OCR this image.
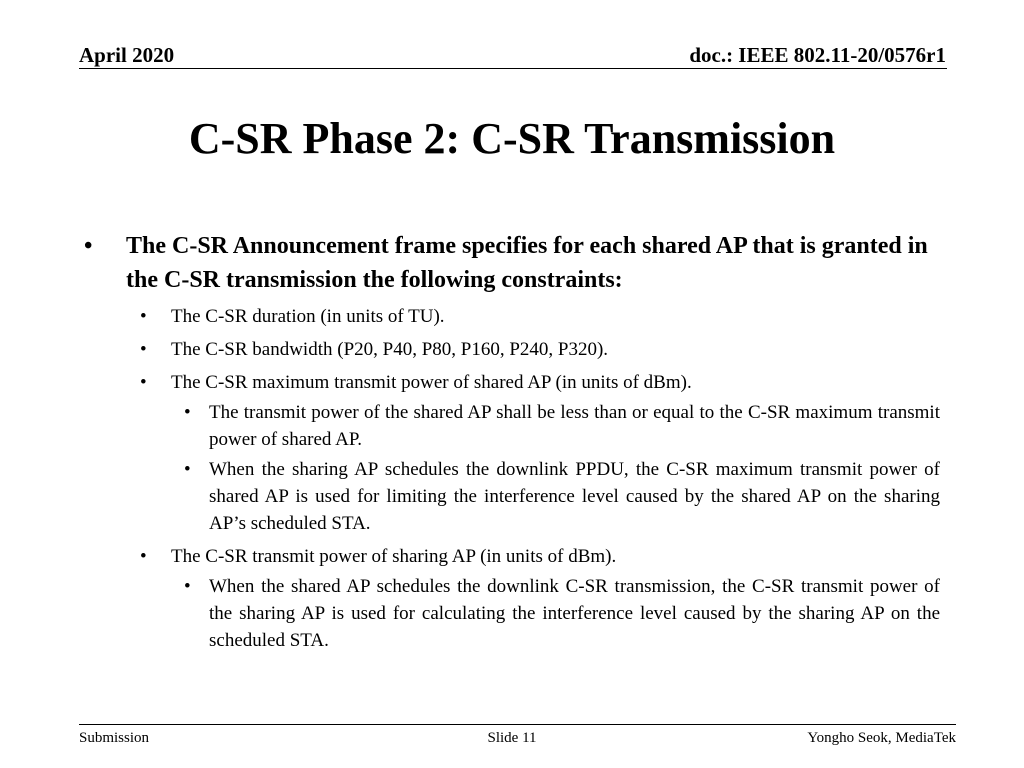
April 2020	doc.: IEEE 802.11-20/0576r1
C-SR Phase 2: C-SR Transmission
• The C-SR Announcement frame specifies for each shared AP that is granted in the C-SR transmission the following constraints:
• The C-SR duration (in units of TU).
• The C-SR bandwidth (P20, P40, P80, P160, P240, P320).
• The C-SR maximum transmit power of shared AP (in units of dBm).
• The transmit power of the shared AP shall be less than or equal to the C-SR maximum transmit power of shared AP.
• When the sharing AP schedules the downlink PPDU, the C-SR maximum transmit power of shared AP is used for limiting the interference level caused by the shared AP on the sharing AP’s scheduled STA.
• The C-SR transmit power of sharing AP (in units of dBm).
• When the shared AP schedules the downlink C-SR transmission, the C-SR transmit power of the sharing AP is used for calculating the interference level caused by the sharing AP on the scheduled STA.
Submission	Slide 11	Yongho Seok, MediaTek
